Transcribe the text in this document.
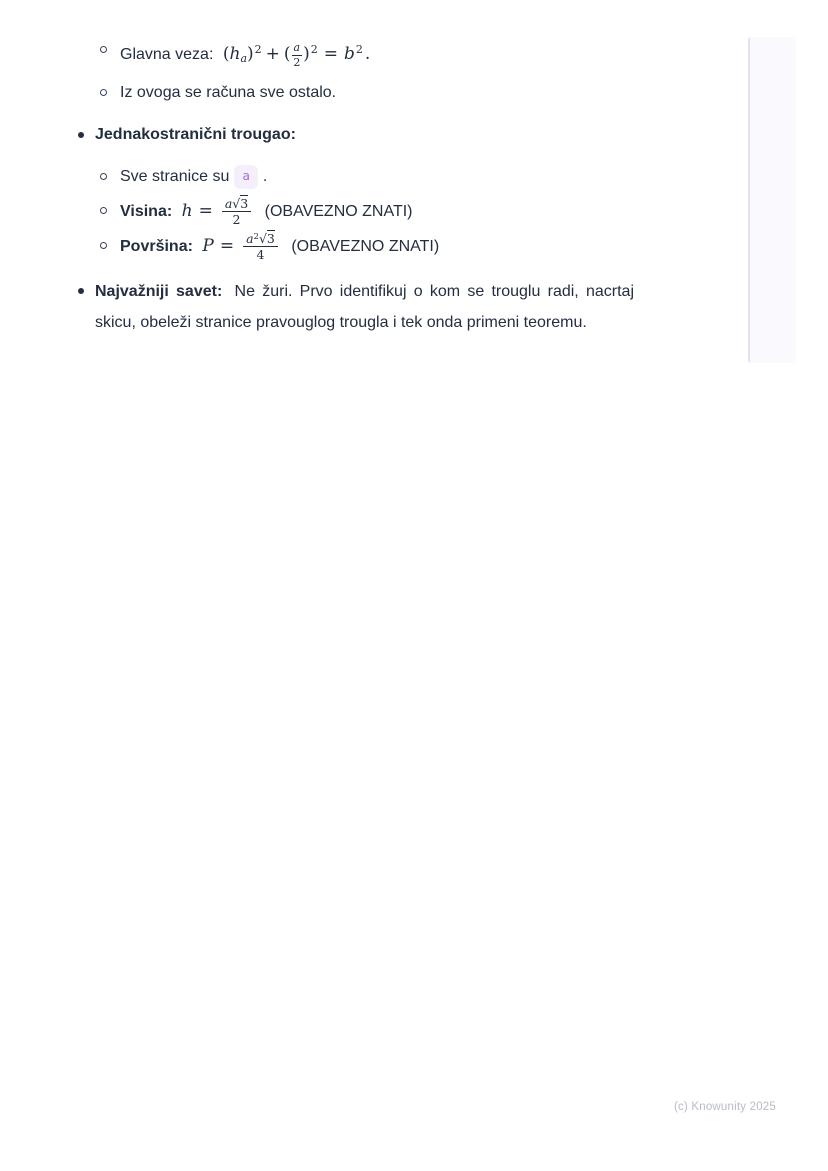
Glavna veza: (ha)$^2$ + ( $\frac{a}{2} )^2 = b^2$ .
Iz ovoga se računa sve ostalo.
Jednakostranični trougao:
Sve stranice su a .
Visina: $h = \frac{a√3}{2}$ (OBAVEZNO ZNATI)
Površina: $P = \frac{a^2√3}{4}$ (OBAVEZNO ZNATI)
Najvažniji savet: Ne žuri. Prvo identifikuj o kom se trouglu radi, nacrtaj skicu, obeleži stranice pravouglog trougla i tek onda primeni teoremu.
(c) Knowunity 2025
